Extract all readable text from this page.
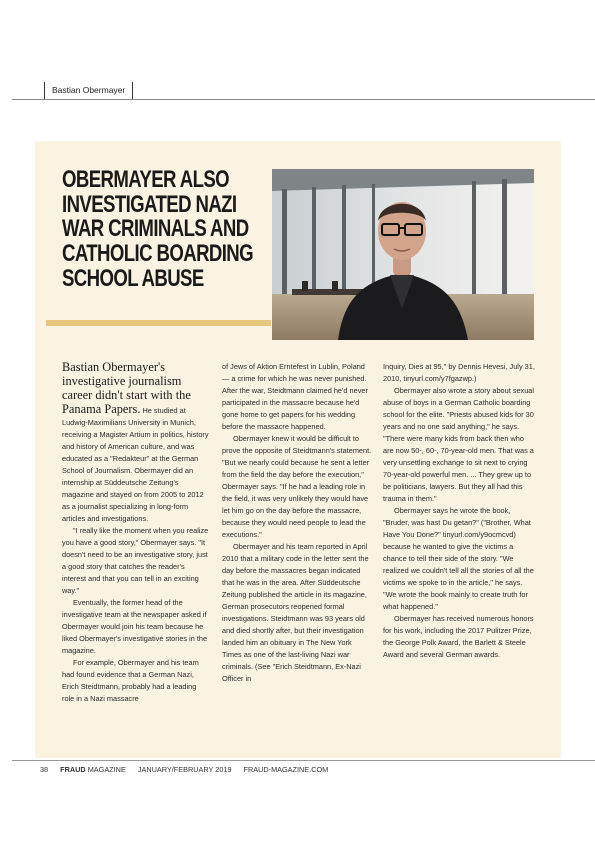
Bastian Obermayer
OBERMAYER ALSO
INVESTIGATED NAZI
WAR CRIMINALS AND
CATHOLIC BOARDING
SCHOOL ABUSE

Bastian Obermayer's investigative journalism career didn't start with the Panama Papers. He studied at Ludwig-Maximilians University in Munich, receiving a Magister Artium in politics, history and history of American culture, and was educated as a "Redakteur" at the German School of Journalism. Obermayer did an internship at Süddeutsche Zeitung's magazine and stayed on from 2005 to 2012 as a journalist specializing in long-form articles and investigations.

"I really like the moment when you realize you have a good story," Obermayer says. "It doesn't need to be an investigative story, just a good story that catches the reader's interest and that you can tell in an exciting way."

Eventually, the former head of the investigative team at the newspaper asked if Obermayer would join his team because he liked Obermayer's investigative stories in the magazine.

For example, Obermayer and his team had found evidence that a German Nazi, Erich Steidtmann, probably had a leading role in a Nazi massacre

of Jews of Aktion Erntefest in Lublin, Poland — a crime for which he was never punished. After the war, Steidtmann claimed he'd never participated in the massacre because he'd gone home to get papers for his wedding before the massacre happened.

Obermayer knew it would be difficult to prove the opposite of Steidtmann's statement. "But we nearly could because he sent a letter from the field the day before the execution," Obermayer says. "If he had a leading role in the field, it was very unlikely they would have let him go on the day before the massacre, because they would need people to lead the executions."

Obermayer and his team reported in April 2010 that a military code in the letter sent the day before the massacres began indicated that he was in the area. After Süddeutsche Zeitung published the article in its magazine, German prosecutors reopened formal investigations. Steidtmann was 93 years old and died shortly after, but their investigation landed him an obituary in The New York Times as one of the last-living Nazi war criminals. (See "Erich Steidtmann, Ex-Nazi Officer in

Inquiry, Dies at 95," by Dennis Hevesi, July 31, 2010, tinyurl.com/y7fgazwp.)

Obermayer also wrote a story about sexual abuse of boys in a German Catholic boarding school for the elite. "Priests abused kids for 30 years and no one said anything," he says. "There were many kids from back then who are now 50-, 60-, 70-year-old men. That was a very unsettling exchange to sit next to crying 70-year-old powerful men. ... They grew up to be politicians, lawyers. But they all had this trauma in them."

Obermayer says he wrote the book, "Bruder, was hast Du getan?" ("Brother, What Have You Done?" tinyurl.com/y9ocmcvd) because he wanted to give the victims a chance to tell their side of the story. "We realized we couldn't tell all the stories of all the victims we spoke to in the article," he says. "We wrote the book mainly to create truth for what happened."

Obermayer has received numerous honors for his work, including the 2017 Pulitzer Prize, the George Polk Award, the Barlett & Steele Award and several German awards.

38 FRAUD MAGAZINE JANUARY/FEBRUARY 2019 FRAUD-MAGAZINE.COM
